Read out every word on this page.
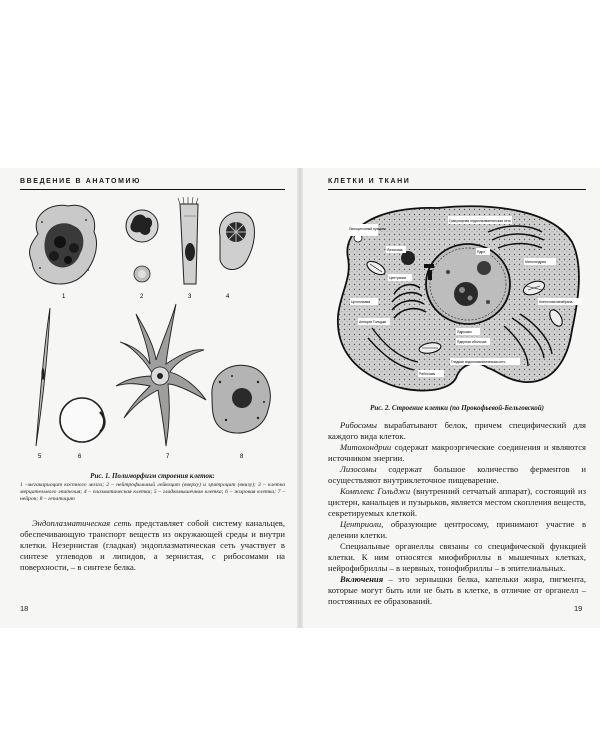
ВВЕДЕНИЕ В АНАТОМИЮ
1	2	3	4
5	6	7	8
Рис. 1. Полиморфизм строения клеток:
1 –мегакариоцит костного мозга; 2 – нейтрофильный лейкоцит (вверху) и эритроцит (внизу); 3 – клетка мерцательного эпителия; 4 – плазматическая клетка; 5 – гладкомышечная клетка; 6 – жировая клетка; 7 – нейрон; 8 – гепатоцит

Эндоплазматическая сеть представляет собой систему канальцев, обеспечивающую транспорт веществ из окружающей среды и внутри клетки. Незернистая (гладкая) эндоплазматическая сеть участвует в синтезе углеводов и липидов, а зернистая, с рибосомами на поверхности, – в синтезе белка.

18
КЛЕТКИ И ТКАНИ
Пиноцитозный пузырек
Гранулярная эндоплазматическая сеть
Лизосома
Митохондрия
Центриоли
Аппарат Гольджи
Цитоплазма
Ядрышко
Ядерная оболочка
Ядро
Клеточная мембрана
Гладкая эндоплазматическая сеть
Рибосомы
Рис. 2. Строение клетки (по Прокофьевой-Бельговской)

Рибосомы вырабатывают белок, причем специфический для каждого вида клеток.

Митохондрии содержат макроэргические соединения и являются источником энергии.

Лизосомы содержат большое количество ферментов и осуществляют внутриклеточное пищеварение.

Комплекс Гольджи (внутренний сетчатый аппарат), состоящий из цистерн, канальцев и пузырьков, является местом скопления веществ, секретируемых клеткой.

Центриоли, образующие центросому, принимают участие в делении клетки.

Специальные органеллы связаны со специфической функцией клетки. К ним относятся миофибриллы в мышечных клетках, нейрофибриллы – в нервных, тонофибриллы – в эпителиальных.

Включения – это зернышки белка, капельки жира, пигмента, которые могут быть или не быть в клетке, в отличие от органелл – постоянных ее образований.

19
